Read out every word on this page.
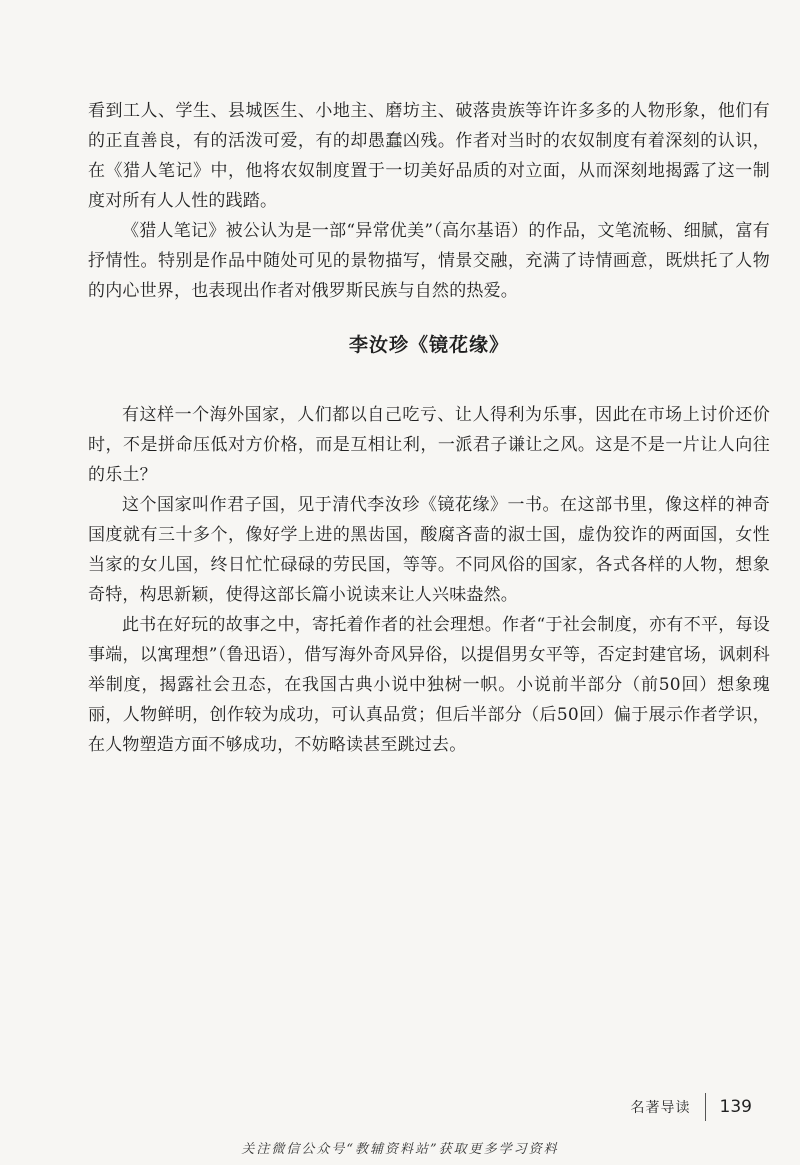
看到工人、学生、县城医生、小地主、磨坊主、破落贵族等许许多多的人物形象，他们有的正直善良，有的活泼可爱，有的却愚蠢凶残。作者对当时的农奴制度有着深刻的认识，在《猎人笔记》中，他将农奴制度置于一切美好品质的对立面，从而深刻地揭露了这一制度对所有人人性的践踏。

《猎人笔记》被公认为是一部“异常优美”（高尔基语）的作品，文笔流畅、细腻，富有抒情性。特别是作品中随处可见的景物描写，情景交融，充满了诗情画意，既烘托了人物的内心世界，也表现出作者对俄罗斯民族与自然的热爱。

李汝珍《镜花缘》

有这样一个海外国家，人们都以自己吃亏、让人得利为乐事，因此在市场上讨价还价时，不是拼命压低对方价格，而是互相让利，一派君子谦让之风。这是不是一片让人向往的乐土？

这个国家叫作君子国，见于清代李汝珍《镜花缘》一书。在这部书里，像这样的神奇国度就有三十多个，像好学上进的黑齿国，酸腐吝啬的淑士国，虚伪狡诈的两面国，女性当家的女儿国，终日忙忙碌碌的劳民国，等等。不同风俗的国家，各式各样的人物，想象奇特，构思新颖，使得这部长篇小说读来让人兴味盎然。

此书在好玩的故事之中，寄托着作者的社会理想。作者“于社会制度，亦有不平，每设事端，以寓理想”（鲁迅语），借写海外奇风异俗，以提倡男女平等，否定封建官场，讽刺科举制度，揭露社会丑态，在我国古典小说中独树一帜。小说前半部分（前50回）想象瑰丽，人物鲜明，创作较为成功，可认真品赏；但后半部分（后50回）偏于展示作者学识，在人物塑造方面不够成功，不妨略读甚至跳过去。

名著导读 139
关注微信公众号“教辅资料站”获取更多学习资料
